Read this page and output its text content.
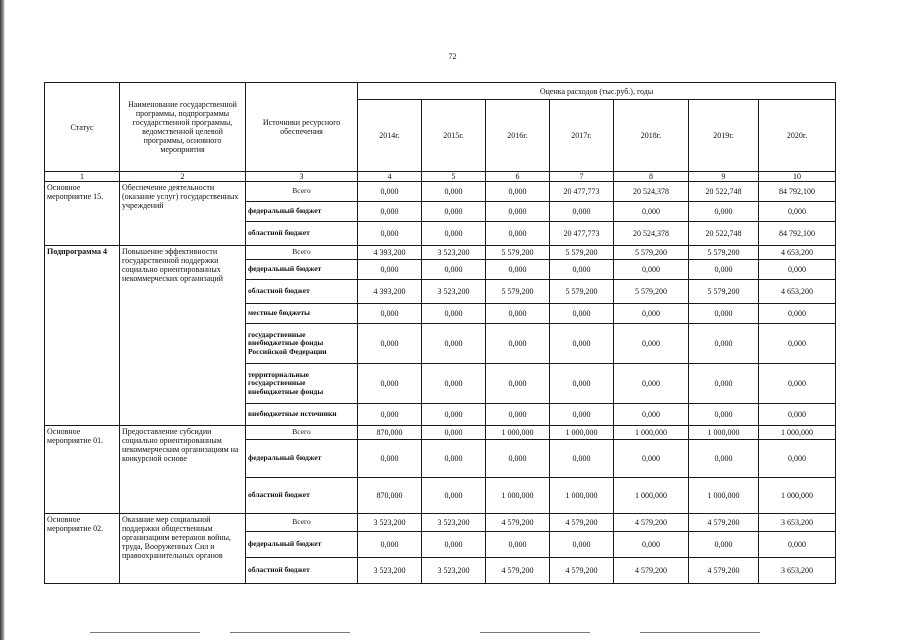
72
Статус	Наименование государственной программы, подпрограммы государственной программы, ведомственной целевой программы, основного мероприятия	Источники ресурсного обеспечения	Оценка расходов (тыс.руб.), годы						
			2014г.	2015г.	2016г.	2017г.	2018г.	2019г.	2020г.
1	2	3	4	5	6	7	8	9	10
Основное мероприятие 15.	Обеспечение деятельности (оказание услуг) государственных учреждений	Всего	0,000	0,000	0,000	20 477,773	20 524,378	20 522,748	84 792,100
		федеральный бюджет	0,000	0,000	0,000	0,000	0,000	0,000	0,000
		областной бюджет	0,000	0,000	0,000	20 477,773	20 524,378	20 522,748	84 792,100
Подпрограмма 4	Повышение эффективности государственной поддержки социально ориентированных некоммерческих организаций	Всего	4 393,200	3 523,200	5 579,200	5 579,200	5 579,200	5 579,200	4 653,200
		федеральный бюджет	0,000	0,000	0,000	0,000	0,000	0,000	0,000
		областной бюджет	4 393,200	3 523,200	5 579,200	5 579,200	5 579,200	5 579,200	4 653,200
		местные бюджеты	0,000	0,000	0,000	0,000	0,000	0,000	0,000
		государственные внебюджетные фонды Российской Федерации	0,000	0,000	0,000	0,000	0,000	0,000	0,000
		территориальные государственные внебюджетные фонды	0,000	0,000	0,000	0,000	0,000	0,000	0,000
		внебюджетные источники	0,000	0,000	0,000	0,000	0,000	0,000	0,000
Основное мероприятие 01.	Предоставление субсидии социально ориентированным некоммерческим организациям на конкурсной основе	Всего	870,000	0,000	1 000,000	1 000,000	1 000,000	1 000,000	1 000,000
		федеральный бюджет	0,000	0,000	0,000	0,000	0,000	0,000	0,000
		областной бюджет	870,000	0,000	1 000,000	1 000,000	1 000,000	1 000,000	1 000,000
Основное мероприятие 02.	Оказание мер социальной поддержки общественным организациям ветеранов войны, труда, Вооруженных Сил и правоохранительных органов	Всего	3 523,200	3 523,200	4 579,200	4 579,200	4 579,200	4 579,200	3 653,200
		федеральный бюджет	0,000	0,000	0,000	0,000	0,000	0,000	0,000
		областной бюджет	3 523,200	3 523,200	4 579,200	4 579,200	4 579,200	4 579,200	3 653,200
